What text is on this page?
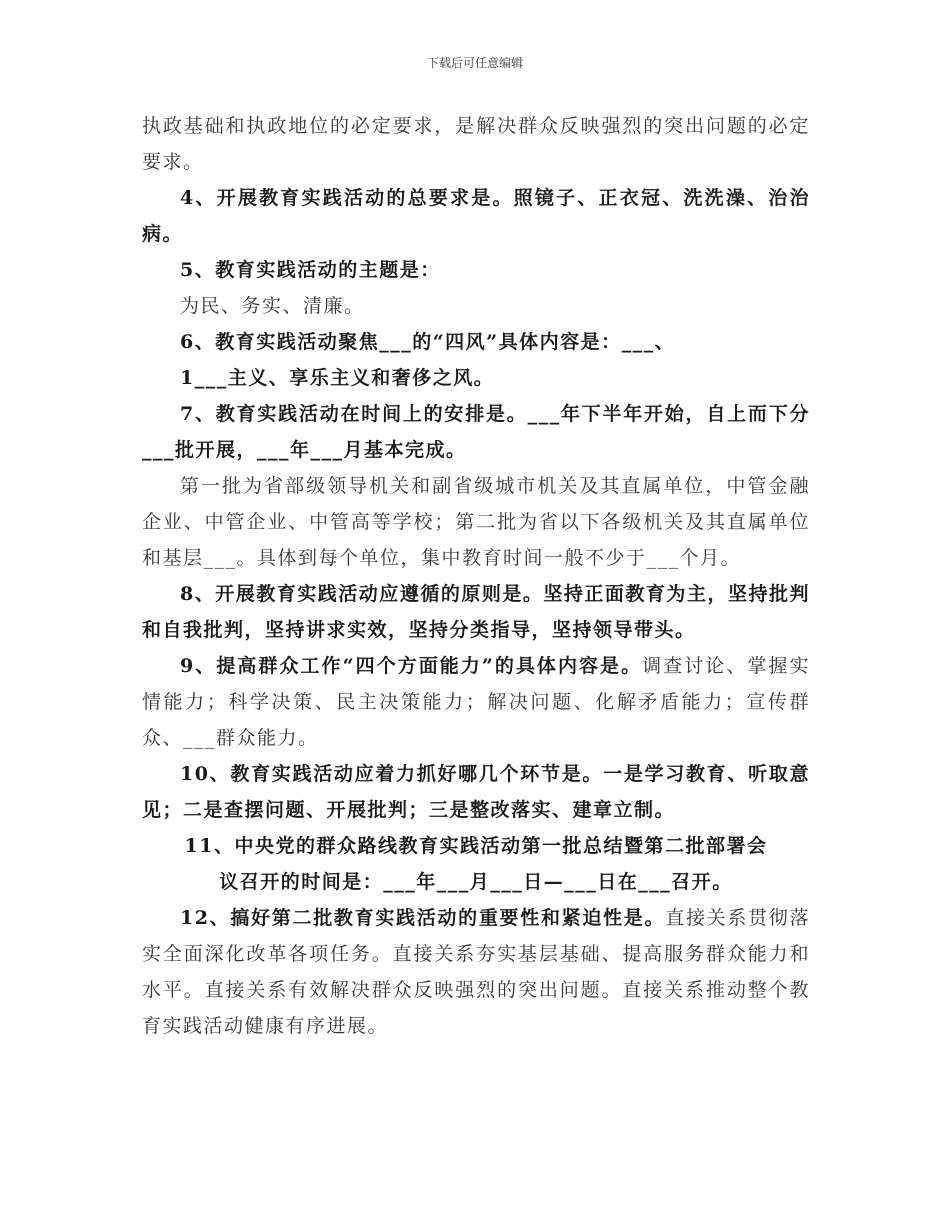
下载后可任意编辑

执政基础和执政地位的必定要求，是解决群众反映强烈的突出问题的必定要求。

4、开展教育实践活动的总要求是。照镜子、正衣冠、洗洗澡、治治病。

5、教育实践活动的主题是：

为民、务实、清廉。

6、教育实践活动聚焦___的“四风”具体内容是：___、

1___主义、享乐主义和奢侈之风。

7、教育实践活动在时间上的安排是。___年下半年开始，自上而下分___批开展，___年___月基本完成。

第一批为省部级领导机关和副省级城市机关及其直属单位，中管金融企业、中管企业、中管高等学校；第二批为省以下各级机关及其直属单位和基层___。具体到每个单位，集中教育时间一般不少于___个月。

8、开展教育实践活动应遵循的原则是。坚持正面教育为主，坚持批判和自我批判，坚持讲求实效，坚持分类指导，坚持领导带头。

9、提高群众工作“四个方面能力”的具体内容是。调查讨论、掌握实情能力；科学决策、民主决策能力；解决问题、化解矛盾能力；宣传群众、___群众能力。

10、教育实践活动应着力抓好哪几个环节是。一是学习教育、听取意见；二是查摆问题、开展批判；三是整改落实、建章立制。

11、中央党的群众路线教育实践活动第一批总结暨第二批部署会

议召开的时间是：___年___月___日—___日在___召开。

12、搞好第二批教育实践活动的重要性和紧迫性是。直接关系贯彻落实全面深化改革各项任务。直接关系夯实基层基础、提高服务群众能力和水平。直接关系有效解决群众反映强烈的突出问题。直接关系推动整个教育实践活动健康有序进展。
